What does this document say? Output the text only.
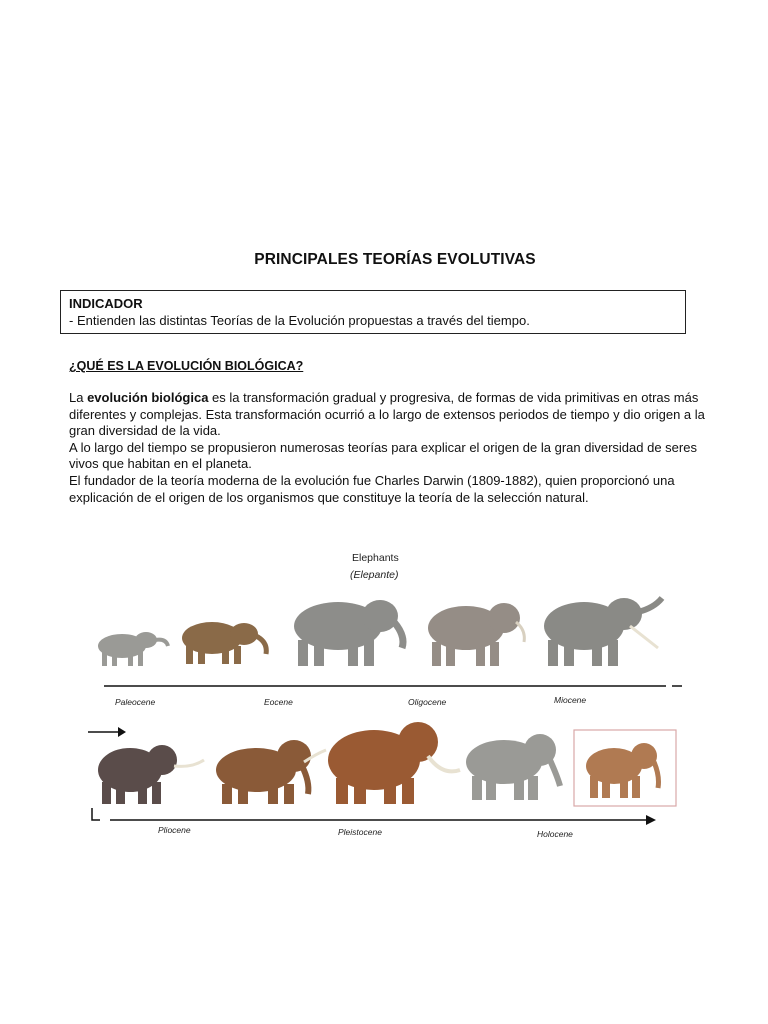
PRINCIPALES TEORÍAS EVOLUTIVAS
INDICADOR
- Entienden las distintas Teorías de la Evolución propuestas a través del tiempo.
¿QUÉ ES LA EVOLUCIÓN BIOLÓGICA?

La evolución biológica es la transformación gradual y progresiva, de formas de vida primitivas en otras más diferentes y complejas. Esta transformación ocurrió a lo largo de extensos periodos de tiempo y dio origen a la gran diversidad de la vida.

A lo largo del tiempo se propusieron numerosas teorías para explicar el origen de la gran diversidad de seres vivos que habitan en el planeta.

El fundador de la teoría moderna de la evolución fue Charles Darwin (1809-1882), quien proporcionó una explicación de el origen de los organismos que constituye la teoría de la selección natural.

Elephants
(Elepante)
Paleocene	Eocene	Oligocene	Miocene
Pliocene	Pleistocene	Holocene
